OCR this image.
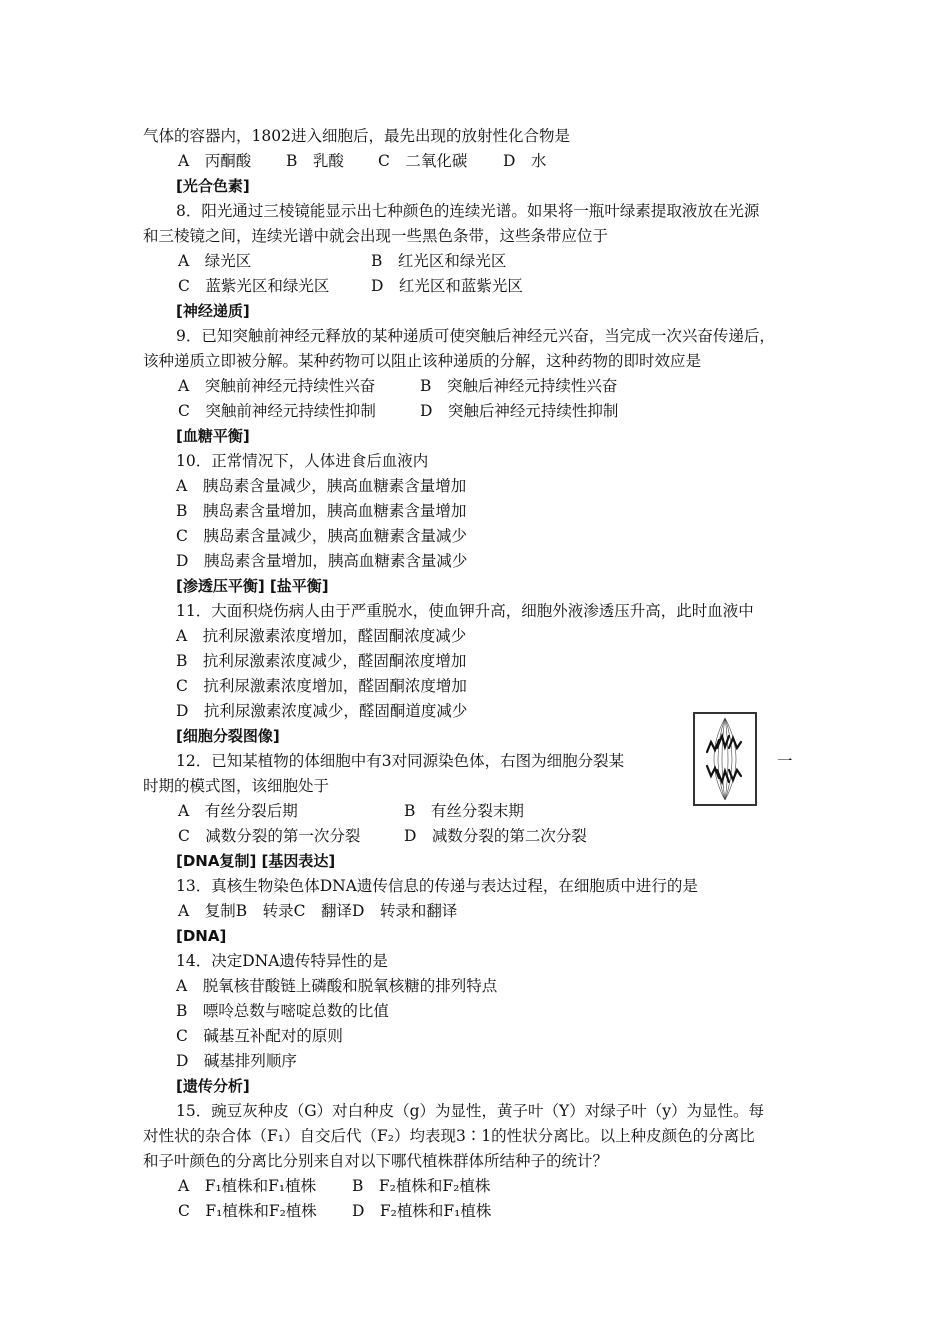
气体的容器内，1802进入细胞后，最先出现的放射性化合物是
A　丙酮酸 B　乳酸 C　二氧化碳 D　水
[光合色素]
8．阳光通过三棱镜能显示出七种颜色的连续光谱。如果将一瓶叶绿素提取液放在光源
和三棱镜之间，连续光谱中就会出现一些黑色条带，这些条带应位于
A　绿光区	B　红光区和绿光区
C　蓝紫光区和绿光区	D　红光区和蓝紫光区
[神经递质]
9．已知突触前神经元释放的某种递质可使突触后神经元兴奋，当完成一次兴奋传递后，
该种递质立即被分解。某种药物可以阻止该种递质的分解，这种药物的即时效应是
A　突触前神经元持续性兴奋	B　突触后神经元持续性兴奋
C　突触前神经元持续性抑制	D　突触后神经元持续性抑制
[血糖平衡]
10．正常情况下，人体进食后血液内
A　胰岛素含量减少，胰高血糖素含量增加
B　胰岛素含量增加，胰高血糖素含量增加
C　胰岛素含量减少，胰高血糖素含量减少
D　胰岛素含量增加，胰高血糖素含量减少
[渗透压平衡] [盐平衡]
11．大面积烧伤病人由于严重脱水，使血钾升高，细胞外液渗透压升高，此时血液中
A　抗利尿激素浓度增加，醛固酮浓度减少
B　抗利尿激素浓度减少，醛固酮浓度增加
C　抗利尿激素浓度增加，醛固酮浓度增加
D　抗利尿激素浓度减少，醛固酮道度减少
[细胞分裂图像]
12．已知某植物的体细胞中有3对同源染色体，右图为细胞分裂某	一
时期的模式图，该细胞处于
A　有丝分裂后期	B　有丝分裂末期
C　减数分裂的第一次分裂	D　减数分裂的第二次分裂
[DNA复制] [基因表达]
13．真核生物染色体DNA遗传信息的传递与表达过程，在细胞质中进行的是
A　复制B　转录C　翻译D　转录和翻译
[DNA]
14．决定DNA遗传特异性的是
A　脱氧核苷酸链上磷酸和脱氧核糖的排列特点
B　嘌呤总数与嘧啶总数的比值
C　碱基互补配对的原则
D　碱基排列顺序
[遗传分析]
15．豌豆灰种皮（G）对白种皮（g）为显性，黄子叶（Y）对绿子叶（y）为显性。每
对性状的杂合体（F₁）自交后代（F₂）均表现3∶1的性状分离比。以上种皮颜色的分离比
和子叶颜色的分离比分别来自对以下哪代植株群体所结种子的统计？
A　F₁植株和F₁植株 B　F₂植株和F₂植株
C　F₁植株和F₂植株 D　F₂植株和F₁植株
